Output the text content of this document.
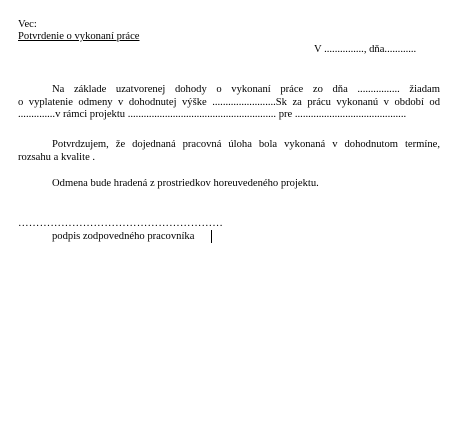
Vec:
Potvrdenie o vykonaní práce
V ..............., dňa............
Na základe uzatvorenej dohody o vykonaní práce zo dňa ................ žiadam
o vyplatenie odmeny v dohodnutej výške ........................Sk za prácu vykonanú v období od
..............v rámci projektu ........................................................ pre ..........................................
Potvrdzujem, že dojednaná pracovná úloha bola vykonaná v dohodnutom termíne,
rozsahu a kvalite .
Odmena bude hradená z prostriedkov horeuvedeného projektu.
…………………………………………………
podpis zodpovedného pracovníka
